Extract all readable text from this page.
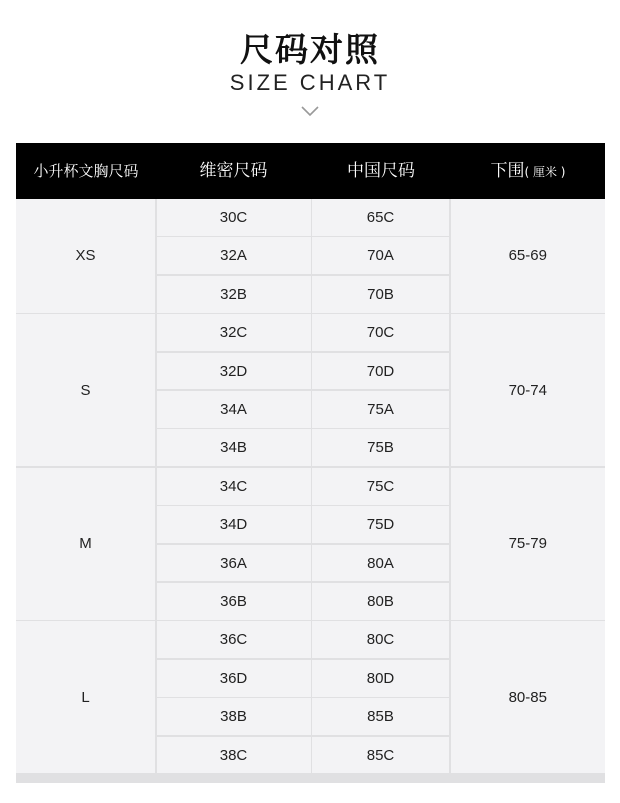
尺码对照
SIZE CHART
小升杯文胸尺码	维密尺码	中国尺码	下围( 厘米 )
XS
30C	65C
32A	70A
32B	70B
65-69
S
32C	70C
32D	70D
34A	75A
34B	75B
70-74
M
34C	75C
34D	75D
36A	80A
36B	80B
75-79
L
36C	80C
36D	80D
38B	85B
38C	85C
80-85
